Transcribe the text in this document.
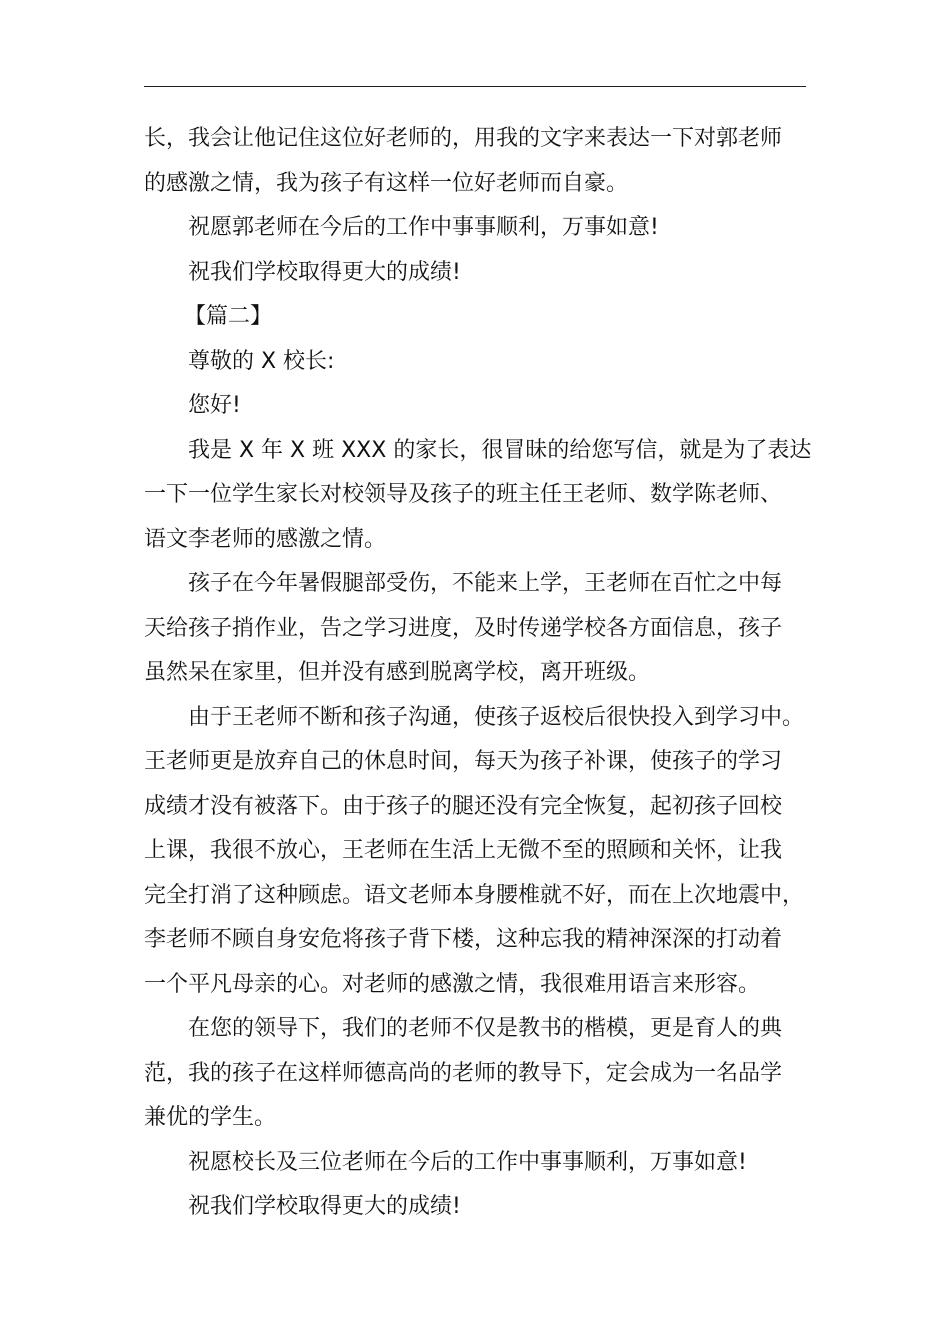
长，我会让他记住这位好老师的，用我的文字来表达一下对郭老师

的感激之情，我为孩子有这样一位好老师而自豪。

祝愿郭老师在今后的工作中事事顺利，万事如意!

祝我们学校取得更大的成绩!

【篇二】

尊敬的 X 校长:

您好!

我是 X 年 X 班 XXX 的家长，很冒昧的给您写信，就是为了表达

一下一位学生家长对校领导及孩子的班主任王老师、数学陈老师、

语文李老师的感激之情。

孩子在今年暑假腿部受伤，不能来上学，王老师在百忙之中每

天给孩子捎作业，告之学习进度，及时传递学校各方面信息，孩子

虽然呆在家里，但并没有感到脱离学校，离开班级。

由于王老师不断和孩子沟通，使孩子返校后很快投入到学习中。

王老师更是放弃自己的休息时间，每天为孩子补课，使孩子的学习

成绩才没有被落下。由于孩子的腿还没有完全恢复，起初孩子回校

上课，我很不放心，王老师在生活上无微不至的照顾和关怀，让我

完全打消了这种顾虑。语文老师本身腰椎就不好，而在上次地震中，

李老师不顾自身安危将孩子背下楼，这种忘我的精神深深的打动着

一个平凡母亲的心。对老师的感激之情，我很难用语言来形容。

在您的领导下，我们的老师不仅是教书的楷模，更是育人的典

范，我的孩子在这样师德高尚的老师的教导下，定会成为一名品学

兼优的学生。

祝愿校长及三位老师在今后的工作中事事顺利，万事如意!

祝我们学校取得更大的成绩!
